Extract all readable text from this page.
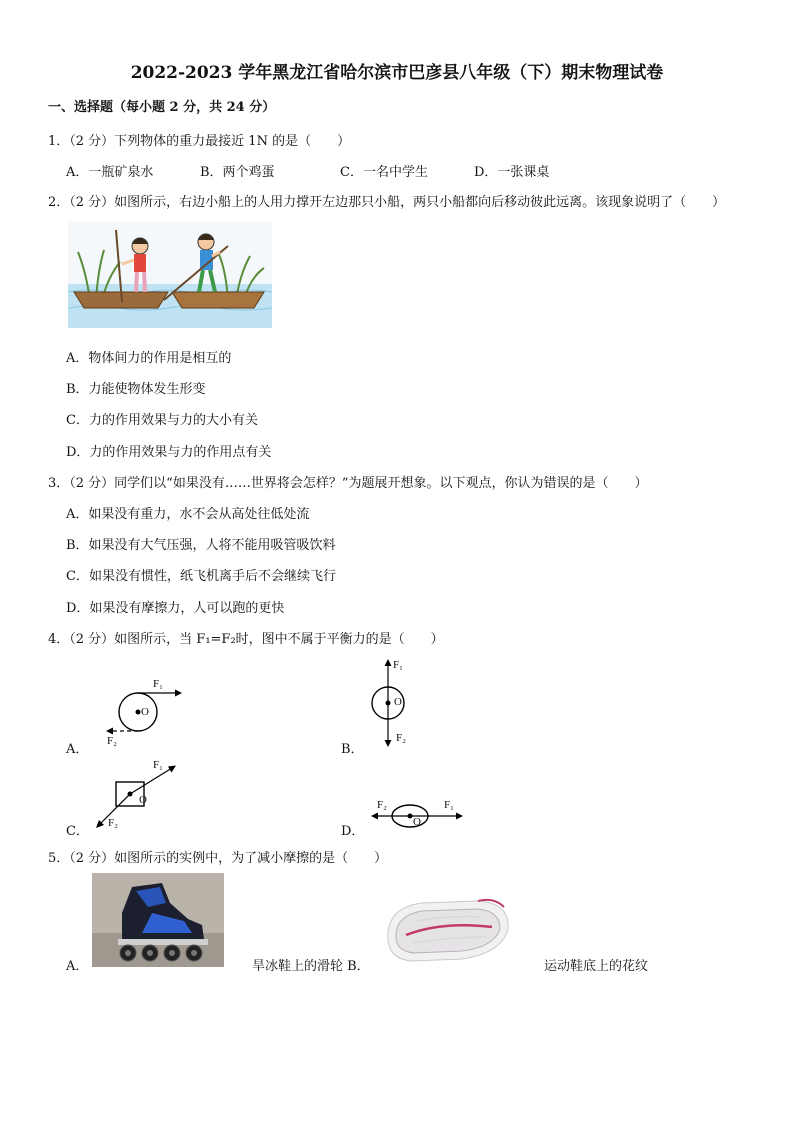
2022-2023 学年黑龙江省哈尔滨市巴彦县八年级（下）期末物理试卷
一、选择题（每小题 2 分，共 24 分）
1．（2 分）下列物体的重力最接近 1N 的是（　　）
A．一瓶矿泉水	B．两个鸡蛋	C．一名中学生	D．一张课桌
2．（2 分）如图所示，右边小船上的人用力撑开左边那只小船，两只小船都向后移动彼此远离。该现象说明了（　　）
A．物体间力的作用是相互的
B．力能使物体发生形变
C．力的作用效果与力的大小有关
D．力的作用效果与力的作用点有关
3．（2 分）同学们以“如果没有……世界将会怎样？”为题展开想象。以下观点，你认为错误的是（　　）
A．如果没有重力，水不会从高处往低处流
B．如果没有大气压强，人将不能用吸管吸饮料
C．如果没有惯性，纸飞机离手后不会继续飞行
D．如果没有摩擦力，人可以跑的更快
4．（2 分）如图所示，当 F₁=F₂时，图中不属于平衡力的是（　　）
A．
F₁
O
F₂
B．
F₁
O
F₂
C．
F₁
O
F₂
D．
F₂	F₁
O
5．（2 分）如图所示的实例中，为了减小摩擦的是（　　）
A．	旱冰鞋上的滑轮 B．	运动鞋底上的花纹
